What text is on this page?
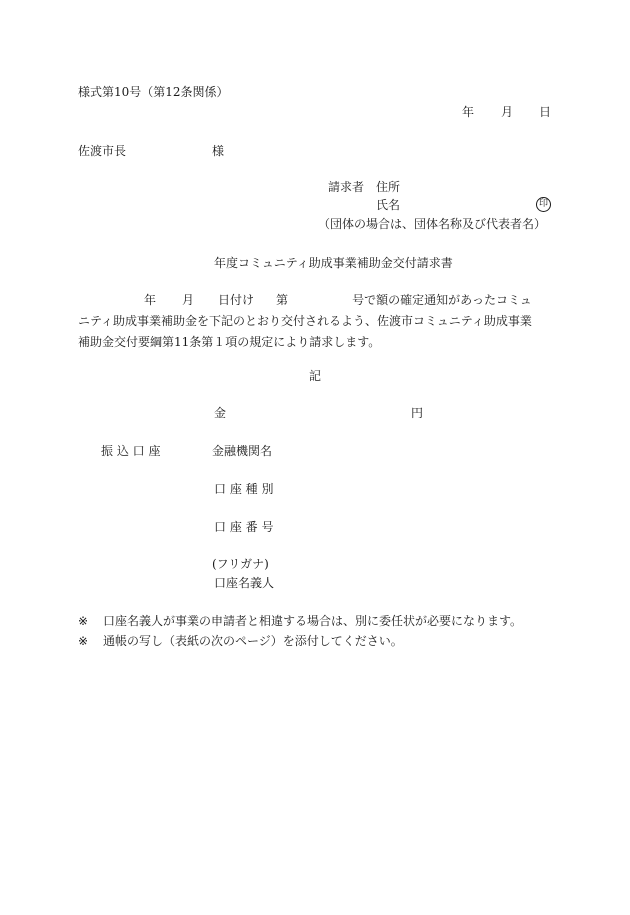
様式第10号（第12条関係）
年 月 日
佐渡市長	様
請求者 住所
氏名	印
（団体の場合は、団体名称及び代表者名）
年度コミュニティ助成事業補助金交付請求書
年 月 日付け 第	号で額の確定通知があったコミュ
ニティ助成事業補助金を下記のとおり交付されるよう、佐渡市コミュニティ助成事業
補助金交付要綱第11条第１項の規定により請求します。
記
金	円
振 込 口 座	金融機関名
口 座 種 別
口 座 番 号
(フリガナ)
口座名義人
※ 口座名義人が事業の申請者と相違する場合は、別に委任状が必要になります。
※ 通帳の写し（表紙の次のページ）を添付してください。
